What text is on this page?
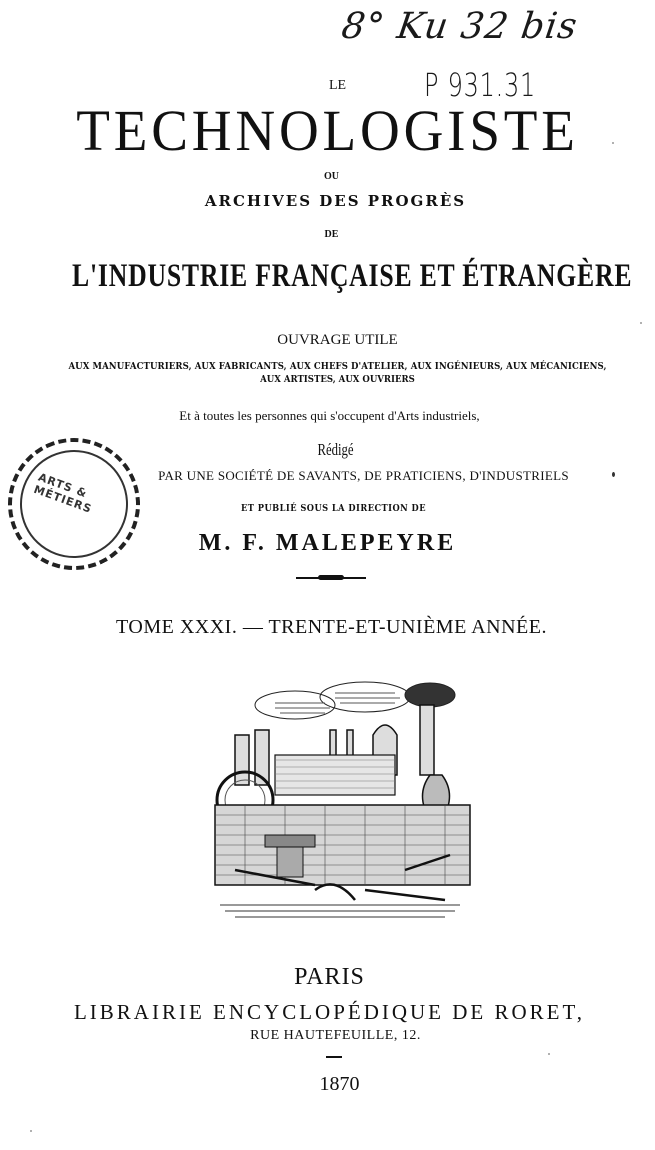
8° Ku 32 bis
P 931.31
LE
TECHNOLOGISTE
OU
ARCHIVES DES PROGRÈS
DE
L'INDUSTRIE FRANÇAISE ET ÉTRANGÈRE
OUVRAGE UTILE
AUX MANUFACTURIERS, AUX FABRICANTS, AUX CHEFS D'ATELIER, AUX INGÉNIEURS, AUX MÉCANICIENS,
AUX ARTISTES, AUX OUVRIERS
Et à toutes les personnes qui s'occupent d'Arts industriels,
Rédigé
PAR UNE SOCIÉTÉ DE SAVANTS, DE PRATICIENS, D'INDUSTRIELS
ET PUBLIÉ SOUS LA DIRECTION DE
M. F. MALEPEYRE
TOME XXXI. — TRENTE-ET-UNIÈME ANNÉE.
ARTS & MÉTIERS
PARIS
LIBRAIRIE ENCYCLOPÉDIQUE DE RORET,
RUE HAUTEFEUILLE, 12.
1870
